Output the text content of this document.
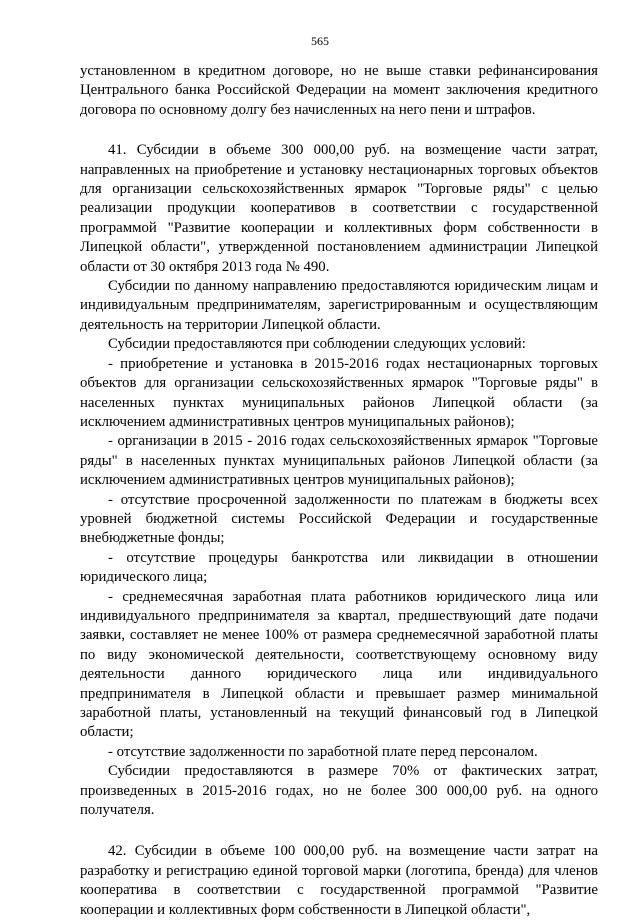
565

установленном в кредитном договоре, но не выше ставки рефинансирования Центрального банка Российской Федерации на момент заключения кредитного договора по основному долгу без начисленных на него пени и штрафов.

41. Субсидии в объеме 300 000,00 руб. на возмещение части затрат, направленных на приобретение и установку нестационарных торговых объектов для организации сельскохозяйственных ярмарок "Торговые ряды" с целью реализации продукции кооперативов в соответствии с государственной программой "Развитие кооперации и коллективных форм собственности в Липецкой области", утвержденной постановлением администрации Липецкой области от 30 октября 2013 года № 490.

Субсидии по данному направлению предоставляются юридическим лицам и индивидуальным предпринимателям, зарегистрированным и осуществляющим деятельность на территории Липецкой области.

Субсидии предоставляются при соблюдении следующих условий:

- приобретение и установка в 2015-2016 годах нестационарных торговых объектов для организации сельскохозяйственных ярмарок "Торговые ряды" в населенных пунктах муниципальных районов Липецкой области (за исключением административных центров муниципальных районов);

- организации в 2015 - 2016 годах сельскохозяйственных ярмарок "Торговые ряды" в населенных пунктах муниципальных районов Липецкой области (за исключением административных центров муниципальных районов);

- отсутствие просроченной задолженности по платежам в бюджеты всех уровней бюджетной системы Российской Федерации и государственные внебюджетные фонды;

- отсутствие процедуры банкротства или ликвидации в отношении юридического лица;

- среднемесячная заработная плата работников юридического лица или индивидуального предпринимателя за квартал, предшествующий дате подачи заявки, составляет не менее 100% от размера среднемесячной заработной платы по виду экономической деятельности, соответствующему основному виду деятельности данного юридического лица или индивидуального предпринимателя в Липецкой области и превышает размер минимальной заработной платы, установленный на текущий финансовый год в Липецкой области;

- отсутствие задолженности по заработной плате перед персоналом.

Субсидии предоставляются в размере 70% от фактических затрат, произведенных в 2015-2016 годах, но не более 300 000,00 руб. на одного получателя.

42. Субсидии в объеме 100 000,00 руб. на возмещение части затрат на разработку и регистрацию единой торговой марки (логотипа, бренда) для членов кооператива в соответствии с государственной программой "Развитие кооперации и коллективных форм собственности в Липецкой области",
